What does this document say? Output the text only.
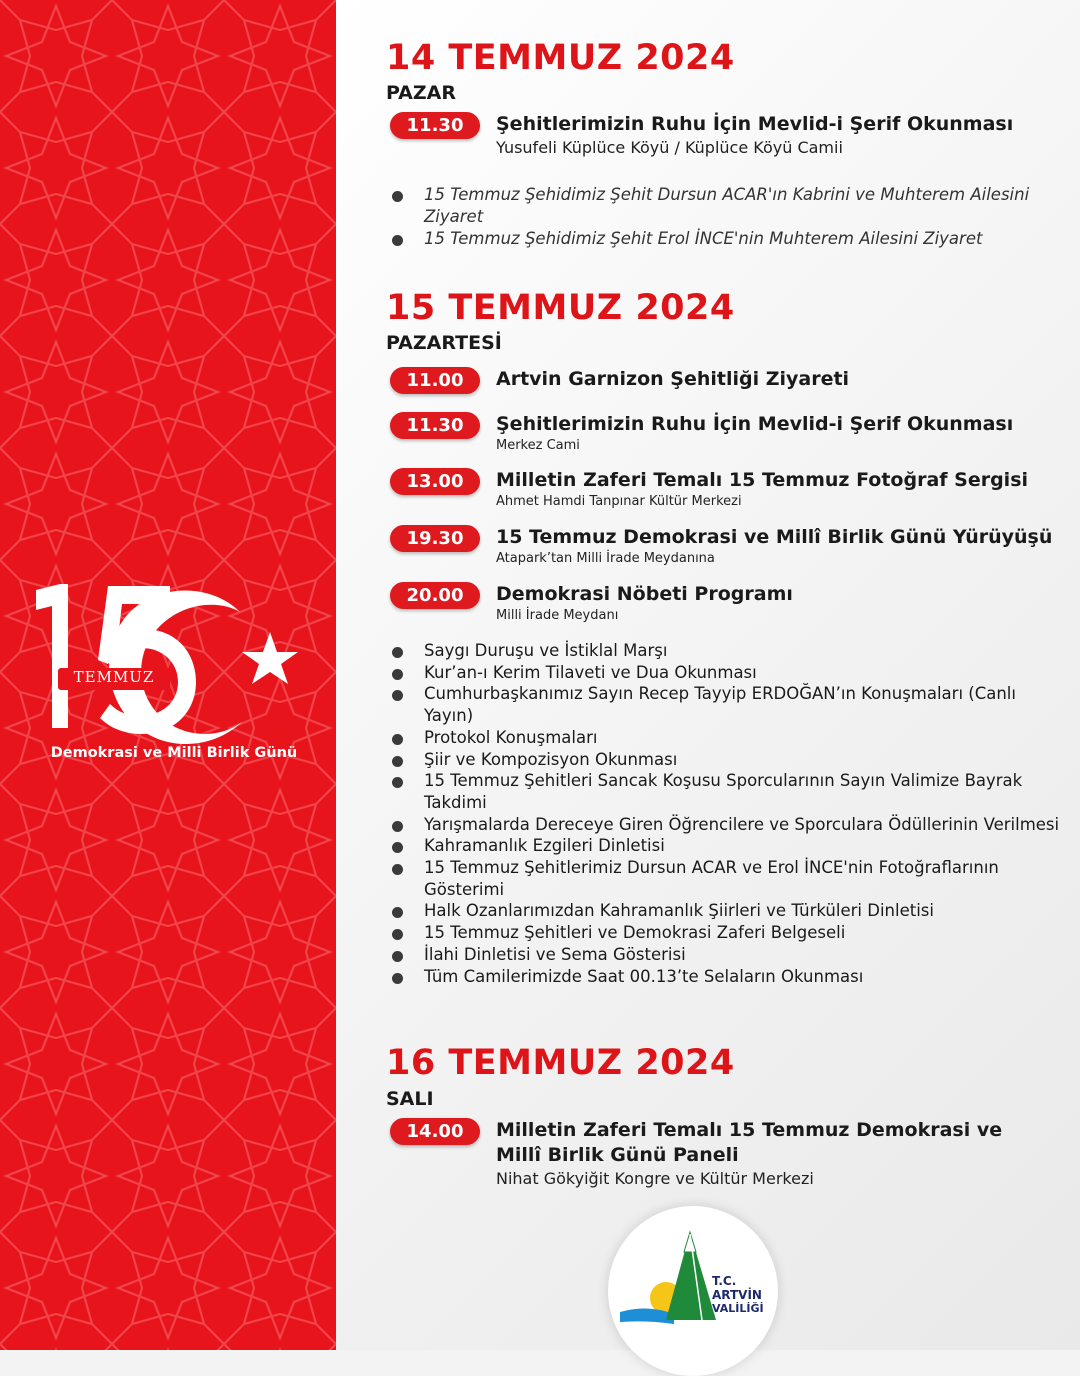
TEMMUZ
Demokrasi ve Milli Birlik Günü
14 TEMMUZ 2024
PAZAR
11.30	Şehitlerimizin Ruhu İçin Mevlid-i Şerif Okunması
Yusufeli Küplüce Köyü / Küplüce Köyü Camii
15 Temmuz Şehidimiz Şehit Dursun ACAR'ın Kabrini ve Muhterem Ailesini Ziyaret
15 Temmuz Şehidimiz Şehit Erol İNCE'nin Muhterem Ailesini Ziyaret
15 TEMMUZ 2024
PAZARTESİ
11.00	Artvin Garnizon Şehitliği Ziyareti
11.30	Şehitlerimizin Ruhu İçin Mevlid-i Şerif Okunması
Merkez Cami
13.00	Milletin Zaferi Temalı 15 Temmuz Fotoğraf Sergisi
Ahmet Hamdi Tanpınar Kültür Merkezi
19.30	15 Temmuz Demokrasi ve Millî Birlik Günü Yürüyüşü
Atapark’tan Milli İrade Meydanına
20.00	Demokrasi Nöbeti Programı
Milli İrade Meydanı
Saygı Duruşu ve İstiklal Marşı
Kur’an-ı Kerim Tilaveti ve Dua Okunması
Cumhurbaşkanımız Sayın Recep Tayyip ERDOĞAN’ın Konuşmaları (Canlı Yayın)
Protokol Konuşmaları
Şiir ve Kompozisyon Okunması
15 Temmuz Şehitleri Sancak Koşusu Sporcularının Sayın Valimize Bayrak Takdimi
Yarışmalarda Dereceye Giren Öğrencilere ve Sporculara Ödüllerinin Verilmesi
Kahramanlık Ezgileri Dinletisi
15 Temmuz Şehitlerimiz Dursun ACAR ve Erol İNCE'nin Fotoğraflarının Gösterimi
Halk Ozanlarımızdan Kahramanlık Şiirleri ve Türküleri Dinletisi
15 Temmuz Şehitleri ve Demokrasi Zaferi Belgeseli
İlahi Dinletisi ve Sema Gösterisi
Tüm Camilerimizde Saat 00.13’te Selaların Okunması
16 TEMMUZ 2024
SALI
14.00	Milletin Zaferi Temalı 15 Temmuz Demokrasi ve Millî Birlik Günü Paneli
Nihat Gökyiğit Kongre ve Kültür Merkezi
T.C.
ARTVİN
VALİLİĞİ
